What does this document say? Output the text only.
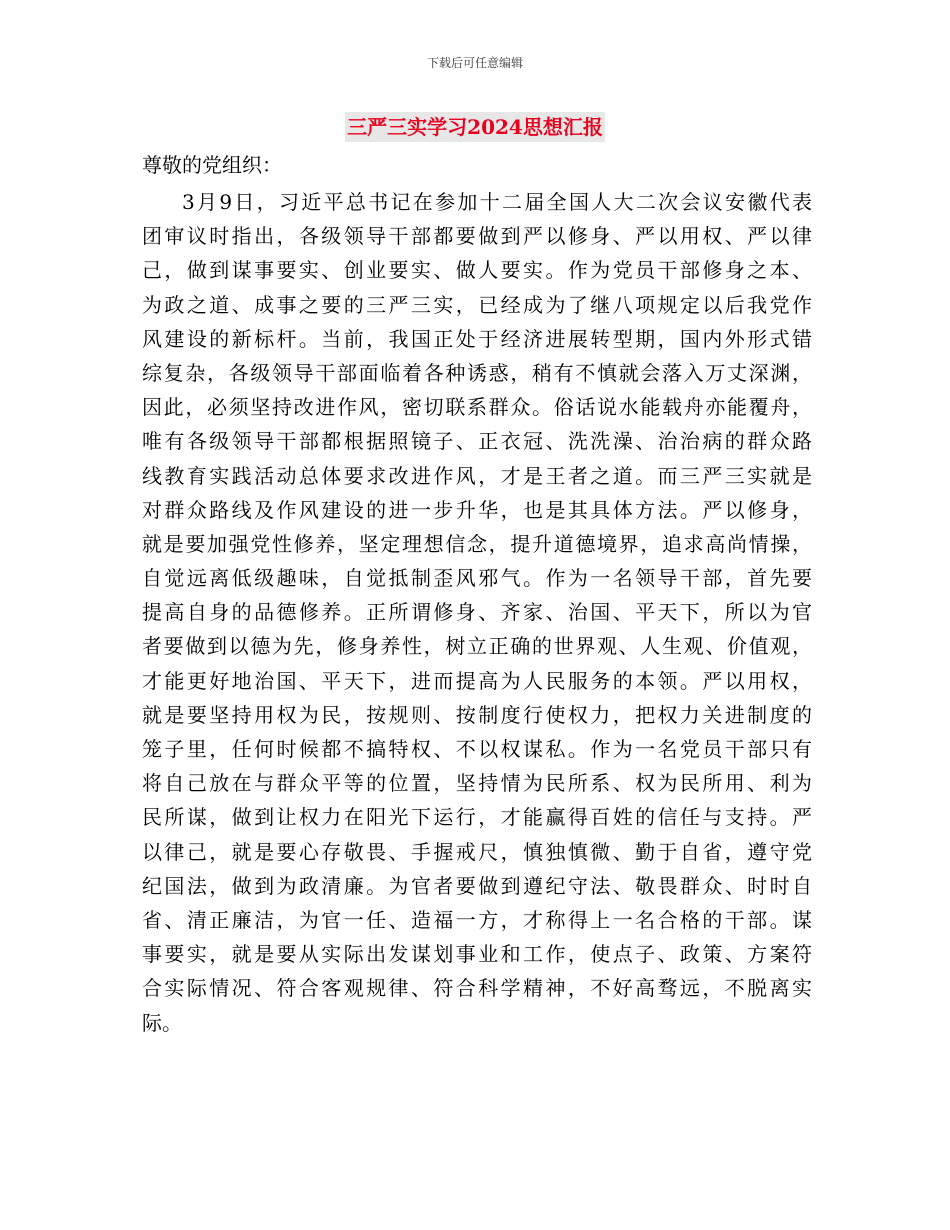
下载后可任意编辑
三严三实学习2024思想汇报
尊敬的党组织：
3月9日，习近平总书记在参加十二届全国人大二次会议安徽代表
团审议时指出，各级领导干部都要做到严以修身、严以用权、严以律
己，做到谋事要实、创业要实、做人要实。作为党员干部修身之本、
为政之道、成事之要的三严三实，已经成为了继八项规定以后我党作
风建设的新标杆。当前，我国正处于经济进展转型期，国内外形式错
综复杂，各级领导干部面临着各种诱惑，稍有不慎就会落入万丈深渊，
因此，必须坚持改进作风，密切联系群众。俗话说水能载舟亦能覆舟，
唯有各级领导干部都根据照镜子、正衣冠、洗洗澡、治治病的群众路
线教育实践活动总体要求改进作风，才是王者之道。而三严三实就是
对群众路线及作风建设的进一步升华，也是其具体方法。严以修身，
就是要加强党性修养，坚定理想信念，提升道德境界，追求高尚情操，
自觉远离低级趣味，自觉抵制歪风邪气。作为一名领导干部，首先要
提高自身的品德修养。正所谓修身、齐家、治国、平天下，所以为官
者要做到以德为先，修身养性，树立正确的世界观、人生观、价值观，
才能更好地治国、平天下，进而提高为人民服务的本领。严以用权，
就是要坚持用权为民，按规则、按制度行使权力，把权力关进制度的
笼子里，任何时候都不搞特权、不以权谋私。作为一名党员干部只有
将自己放在与群众平等的位置，坚持情为民所系、权为民所用、利为
民所谋，做到让权力在阳光下运行，才能赢得百姓的信任与支持。严
以律己，就是要心存敬畏、手握戒尺，慎独慎微、勤于自省，遵守党
纪国法，做到为政清廉。为官者要做到遵纪守法、敬畏群众、时时自
省、清正廉洁，为官一任、造福一方，才称得上一名合格的干部。谋
事要实，就是要从实际出发谋划事业和工作，使点子、政策、方案符
合实际情况、符合客观规律、符合科学精神，不好高骛远，不脱离实
际。
